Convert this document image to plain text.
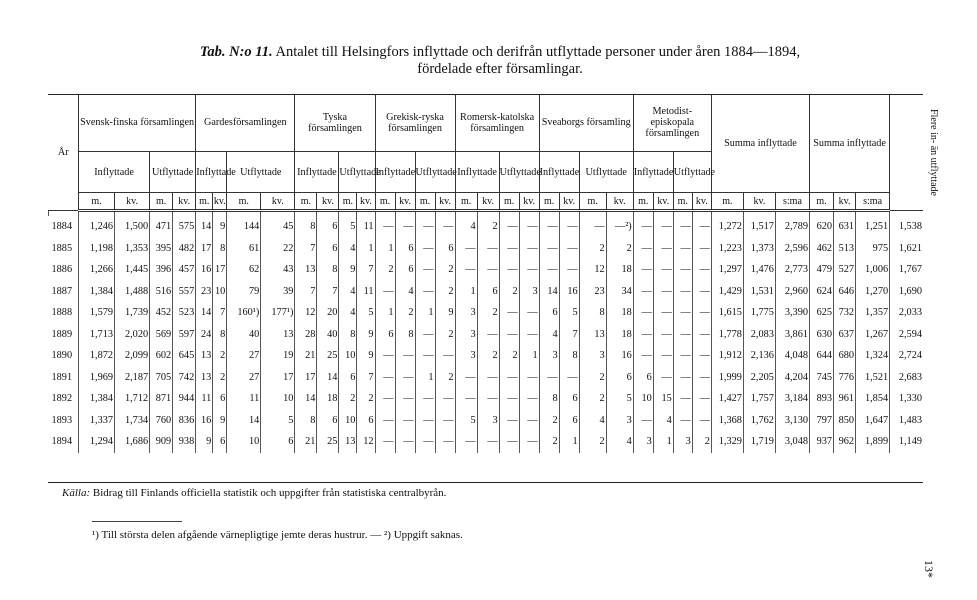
Tab. N:o 11. Antalet till Helsingfors inflyttade och derifrån utflyttade personer under åren 1884—1894,
fördelade efter församlingar.
År	Svensk-finska församlingen				Gardesförsamlingen				Tyska församlingen				Grekisk-ryska församlingen				Romersk-katolska församlingen				Sveaborgs församling				Metodist-episkopala församlingen				Summa inflyttade			Summa inflyttade			Flere in- än utflyttade
	Inflyttade		Utflyttade		Inflyttade		Utflyttade		Inflyttade		Utflyttade		Inflyttade		Utflyttade		Inflyttade		Utflyttade		Inflyttade		Utflyttade		Inflyttade		Utflyttade								
	m.	kv.	m.	kv.	m.	kv.	m.	kv.	m.	kv.	m.	kv.	m.	kv.	m.	kv.	m.	kv.	m.	kv.	m.	kv.	m.	kv.	m.	kv.	m.	kv.	m.	kv.	s:ma	m.	kv.	s:ma	

1884	1,246	1,500	471	575	14	9	144	45	8	6	5	11	—	—	—	—	4	2	—	—	—	—	—	—²)	—	—	—	—	1,272	1,517	2,789	620	631	1,251	1,538
1885	1,198	1,353	395	482	17	8	61	22	7	6	4	1	1	6	—	6	—	—	—	—	—	—	2	2	—	—	—	—	1,223	1,373	2,596	462	513	975	1,621
1886	1,266	1,445	396	457	16	17	62	43	13	8	9	7	2	6	—	2	—	—	—	—	—	—	12	18	—	—	—	—	1,297	1,476	2,773	479	527	1,006	1,767
1887	1,384	1,488	516	557	23	10	79	39	7	7	4	11	—	4	—	2	1	6	2	3	14	16	23	34	—	—	—	—	1,429	1,531	2,960	624	646	1,270	1,690
1888	1,579	1,739	452	523	14	7	160¹)	177¹)	12	20	4	5	1	2	1	9	3	2	—	—	6	5	8	18	—	—	—	—	1,615	1,775	3,390	625	732	1,357	2,033
1889	1,713	2,020	569	597	24	8	40	13	28	40	8	9	6	8	—	2	3	—	—	—	4	7	13	18	—	—	—	—	1,778	2,083	3,861	630	637	1,267	2,594
1890	1,872	2,099	602	645	13	2	27	19	21	25	10	9	—	—	—	—	3	2	2	1	3	8	3	16	—	—	—	—	1,912	2,136	4,048	644	680	1,324	2,724
1891	1,969	2,187	705	742	13	2	27	17	17	14	6	7	—	—	1	2	—	—	—	—	—	—	2	6	6	—	—	—	1,999	2,205	4,204	745	776	1,521	2,683
1892	1,384	1,712	871	944	11	6	11	10	14	18	2	2	—	—	—	—	—	—	—	—	8	6	2	5	10	15	—	—	1,427	1,757	3,184	893	961	1,854	1,330
1893	1,337	1,734	760	836	16	9	14	5	8	6	10	6	—	—	—	—	5	3	—	—	2	6	4	3	—	4	—	—	1,368	1,762	3,130	797	850	1,647	1,483
1894	1,294	1,686	909	938	9	6	10	6	21	25	13	12	—	—	—	—	—	—	—	—	2	1	2	4	3	1	3	2	1,329	1,719	3,048	937	962	1,899	1,149
Källa: Bidrag till Finlands officiella statistik och uppgifter från statistiska centralbyrån.
¹) Till största delen afgående värnepligtige jemte deras hustrur. — ²) Uppgift saknas.
13*
